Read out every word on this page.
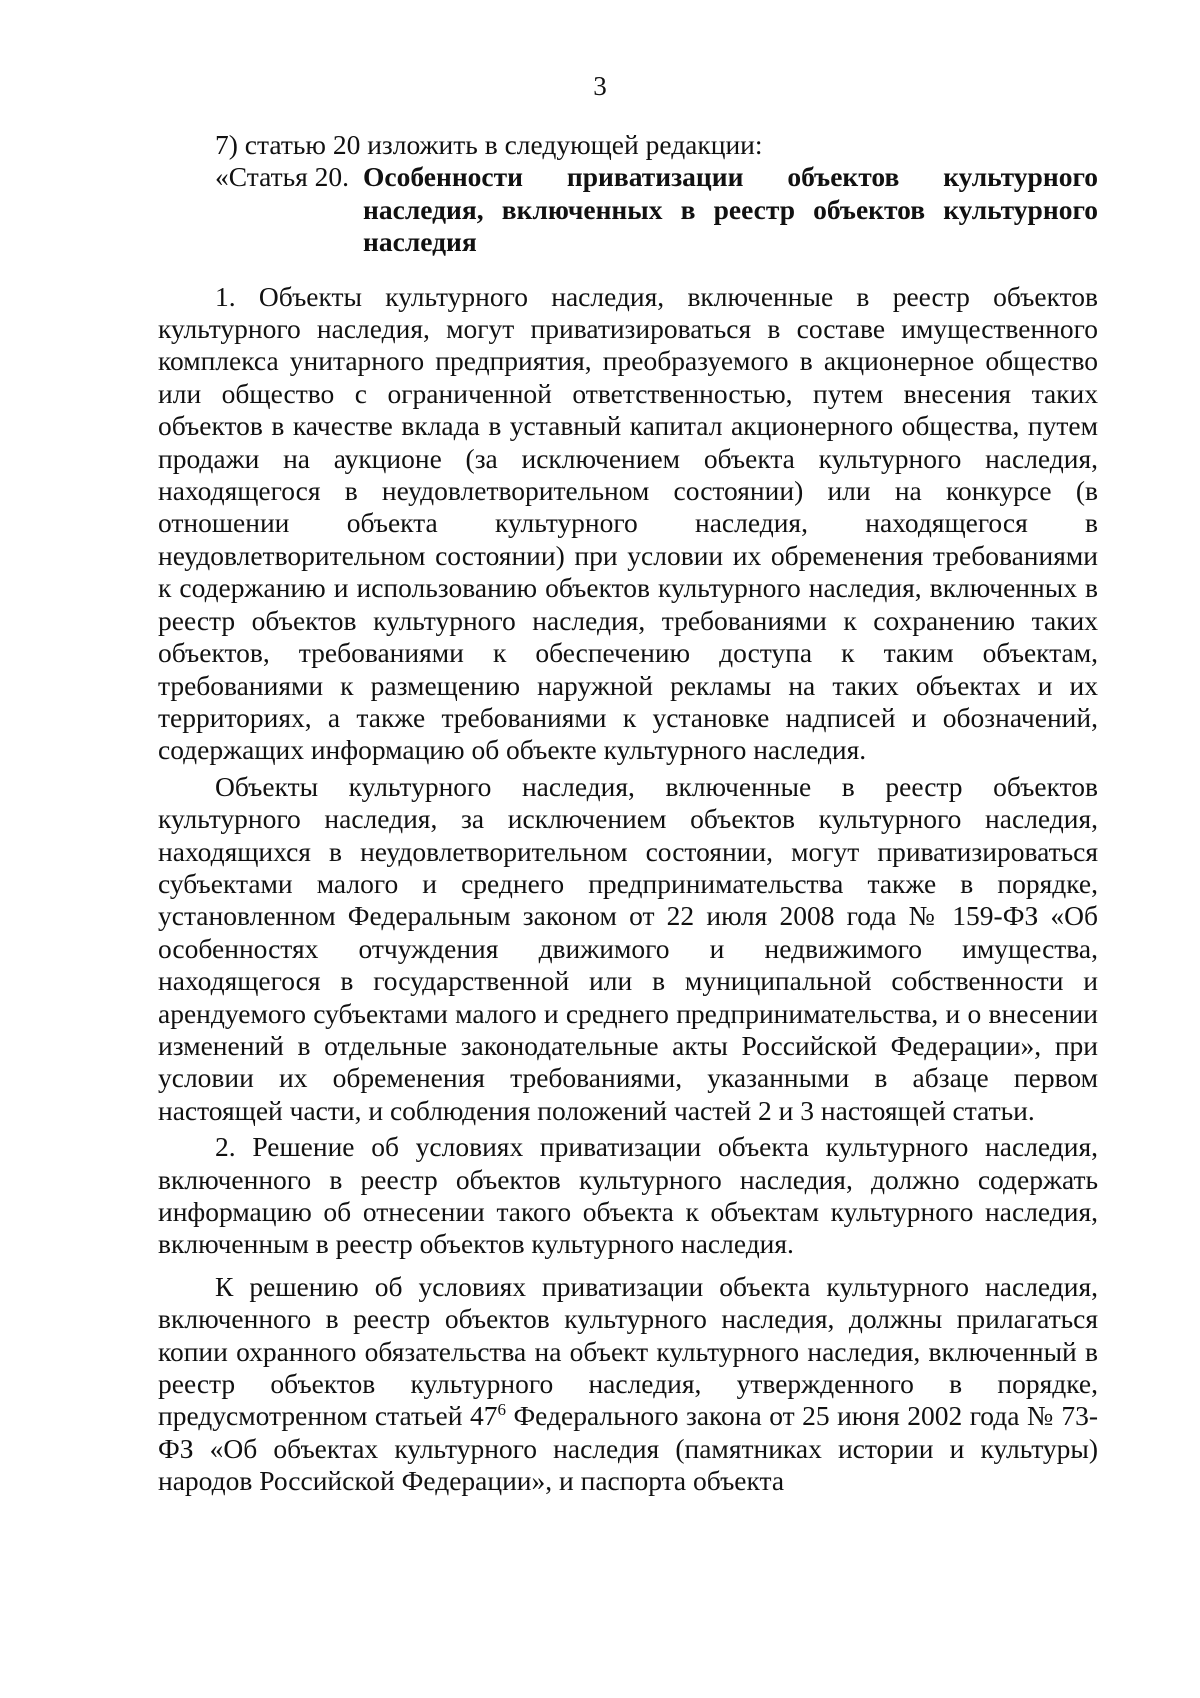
3

7) статью 20 изложить в следующей редакции:

«Статья 20. Особенности приватизации объектов культурного наследия, включенных в реестр объектов культурного наследия

1. Объекты культурного наследия, включенные в реестр объектов культурного наследия, могут приватизироваться в составе имущественного комплекса унитарного предприятия, преобразуемого в акционерное общество или общество с ограниченной ответственностью, путем внесения таких объектов в качестве вклада в уставный капитал акционерного общества, путем продажи на аукционе (за исключением объекта культурного наследия, находящегося в неудовлетворительном состоянии) или на конкурсе (в отношении объекта культурного наследия, находящегося в неудовлетворительном состоянии) при условии их обременения требованиями к содержанию и использованию объектов культурного наследия, включенных в реестр объектов культурного наследия, требованиями к сохранению таких объектов, требованиями к обеспечению доступа к таким объектам, требованиями к размещению наружной рекламы на таких объектах и их территориях, а также требованиями к установке надписей и обозначений, содержащих информацию об объекте культурного наследия.

Объекты культурного наследия, включенные в реестр объектов культурного наследия, за исключением объектов культурного наследия, находящихся в неудовлетворительном состоянии, могут приватизироваться субъектами малого и среднего предпринимательства также в порядке, установленном Федеральным законом от 22 июля 2008 года № 159-ФЗ «Об особенностях отчуждения движимого и недвижимого имущества, находящегося в государственной или в муниципальной собственности и арендуемого субъектами малого и среднего предпринимательства, и о внесении изменений в отдельные законодательные акты Российской Федерации», при условии их обременения требованиями, указанными в абзаце первом настоящей части, и соблюдения положений частей 2 и 3 настоящей статьи.

2. Решение об условиях приватизации объекта культурного наследия, включенного в реестр объектов культурного наследия, должно содержать информацию об отнесении такого объекта к объектам культурного наследия, включенным в реестр объектов культурного наследия.

К решению об условиях приватизации объекта культурного наследия, включенного в реестр объектов культурного наследия, должны прилагаться копии охранного обязательства на объект культурного наследия, включенный в реестр объектов культурного наследия, утвержденного в порядке, предусмотренном статьей $47^6$ Федерального закона от 25 июня 2002 года № 73-ФЗ «Об объектах культурного наследия (памятниках истории и культуры) народов Российской Федерации», и паспорта объекта
